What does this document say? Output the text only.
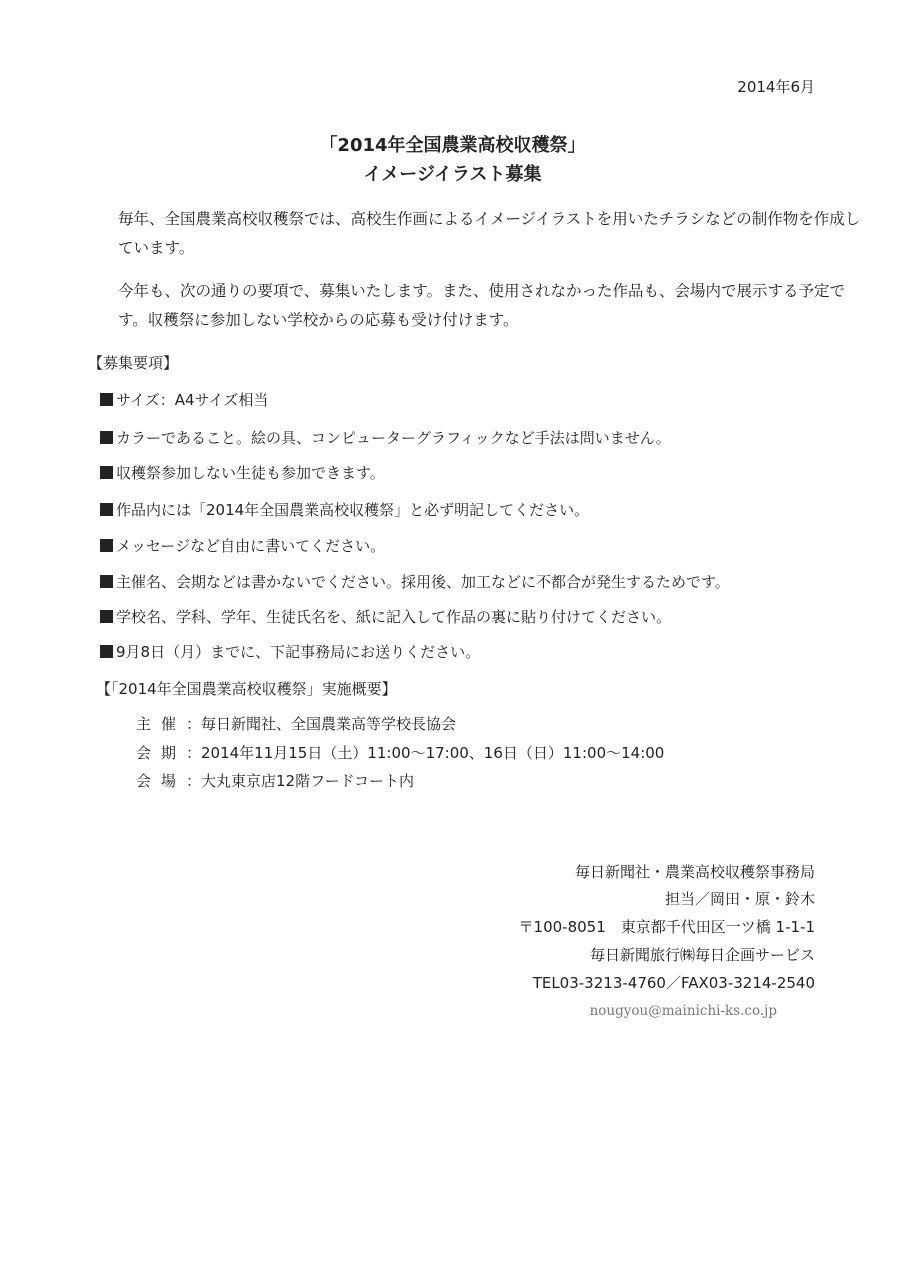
2014年6月
「2014年全国農業高校収穫祭」
イメージイラスト募集
毎年、全国農業高校収穫祭では、高校生作画によるイメージイラストを用いたチラシなどの制作物を作成しています。
今年も、次の通りの要項で、募集いたします。また、使用されなかった作品も、会場内で展示する予定です。収穫祭に参加しない学校からの応募も受け付けます。
【募集要項】
サイズ：A4サイズ相当
カラーであること。絵の具、コンピューターグラフィックなど手法は問いません。
収穫祭参加しない生徒も参加できます。
作品内には「2014年全国農業高校収穫祭」と必ず明記してください。
メッセージなど自由に書いてください。
主催名、会期などは書かないでください。採用後、加工などに不都合が発生するためです。
学校名、学科、学年、生徒氏名を、紙に記入して作品の裏に貼り付けてください。
9月8日（月）までに、下記事務局にお送りください。
【「2014年全国農業高校収穫祭」実施概要】
主催：毎日新聞社、全国農業高等学校長協会
会期：2014年11月15日（土）11:00～17:00、16日（日）11:00～14:00
会場：大丸東京店12階フードコート内
毎日新聞社・農業高校収穫祭事務局
担当／岡田・原・鈴木
〒100-8051　東京都千代田区一ツ橋 1-1-1
毎日新聞旅行㈱毎日企画サービス
TEL03-3213-4760／FAX03-3214-2540
nougyou@mainichi-ks.co.jp
